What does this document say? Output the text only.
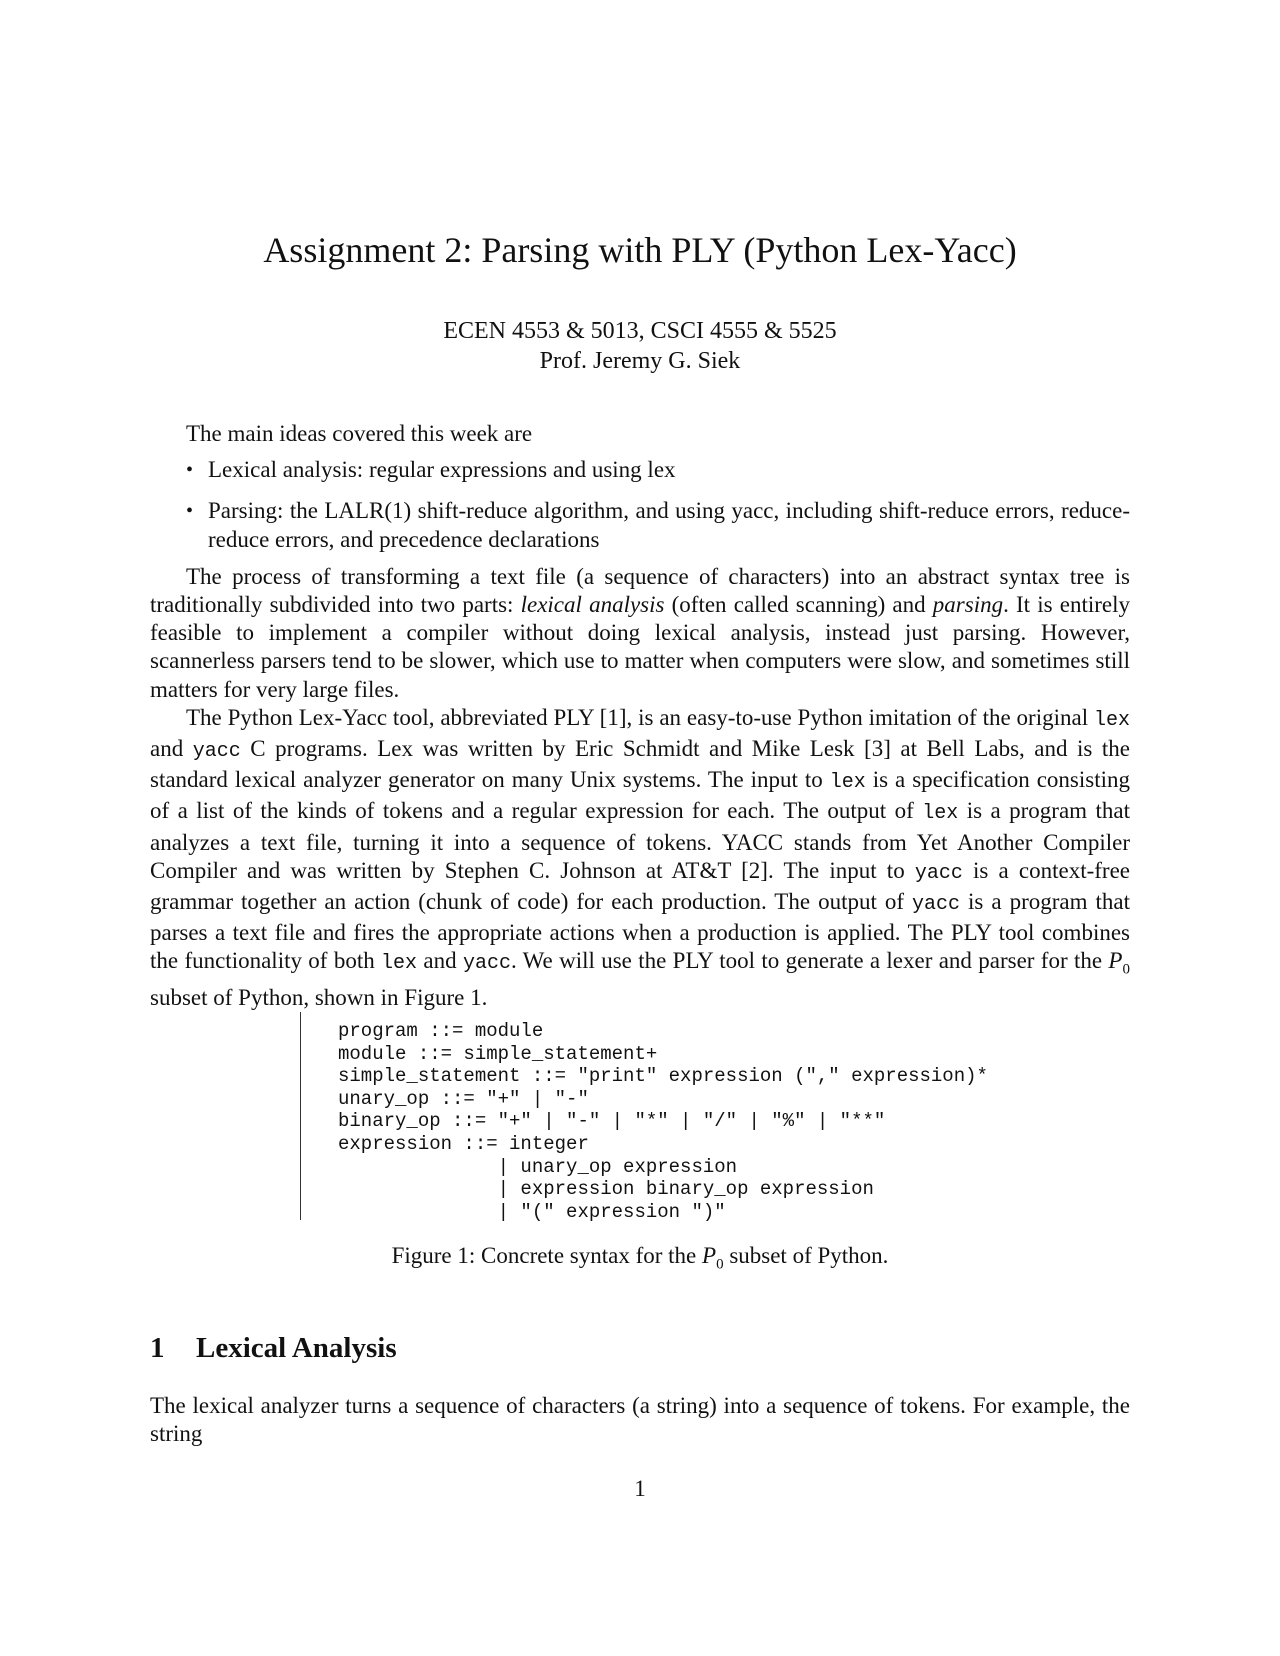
Assignment 2: Parsing with PLY (Python Lex-Yacc)
ECEN 4553 & 5013, CSCI 4555 & 5525
Prof. Jeremy G. Siek

The main ideas covered this week are

• Lexical analysis: regular expressions and using lex
• Parsing: the LALR(1) shift-reduce algorithm, and using yacc, including shift-reduce errors, reduce-reduce errors, and precedence declarations

The process of transforming a text file (a sequence of characters) into an abstract syntax tree is traditionally subdivided into two parts: lexical analysis (often called scanning) and parsing. It is entirely feasible to implement a compiler without doing lexical analysis, instead just parsing. However, scannerless parsers tend to be slower, which use to matter when computers were slow, and sometimes still matters for very large files.

The Python Lex-Yacc tool, abbreviated PLY [1], is an easy-to-use Python imitation of the original lex and yacc C programs. Lex was written by Eric Schmidt and Mike Lesk [3] at Bell Labs, and is the standard lexical analyzer generator on many Unix systems. The input to lex is a specification consisting of a list of the kinds of tokens and a regular expression for each. The output of lex is a program that analyzes a text file, turning it into a sequence of tokens. YACC stands from Yet Another Compiler Compiler and was written by Stephen C. Johnson at AT&T [2]. The input to yacc is a context-free grammar together an action (chunk of code) for each production. The output of yacc is a program that parses a text file and fires the appropriate actions when a production is applied. The PLY tool combines the functionality of both lex and yacc. We will use the PLY tool to generate a lexer and parser for the $P_0$ subset of Python, shown in Figure 1.

program ::= module
module ::= simple_statement+
simple_statement ::= "print" expression ("," expression)*
unary_op ::= "+" | "-"
binary_op ::= "+" | "-" | "*" | "/" | "%" | "**"
expression ::= integer
| unary_op expression
| expression binary_op expression
| "(" expression ")"
Figure 1: Concrete syntax for the $P_0$ subset of Python.
1 Lexical Analysis

The lexical analyzer turns a sequence of characters (a string) into a sequence of tokens. For example, the string

1
